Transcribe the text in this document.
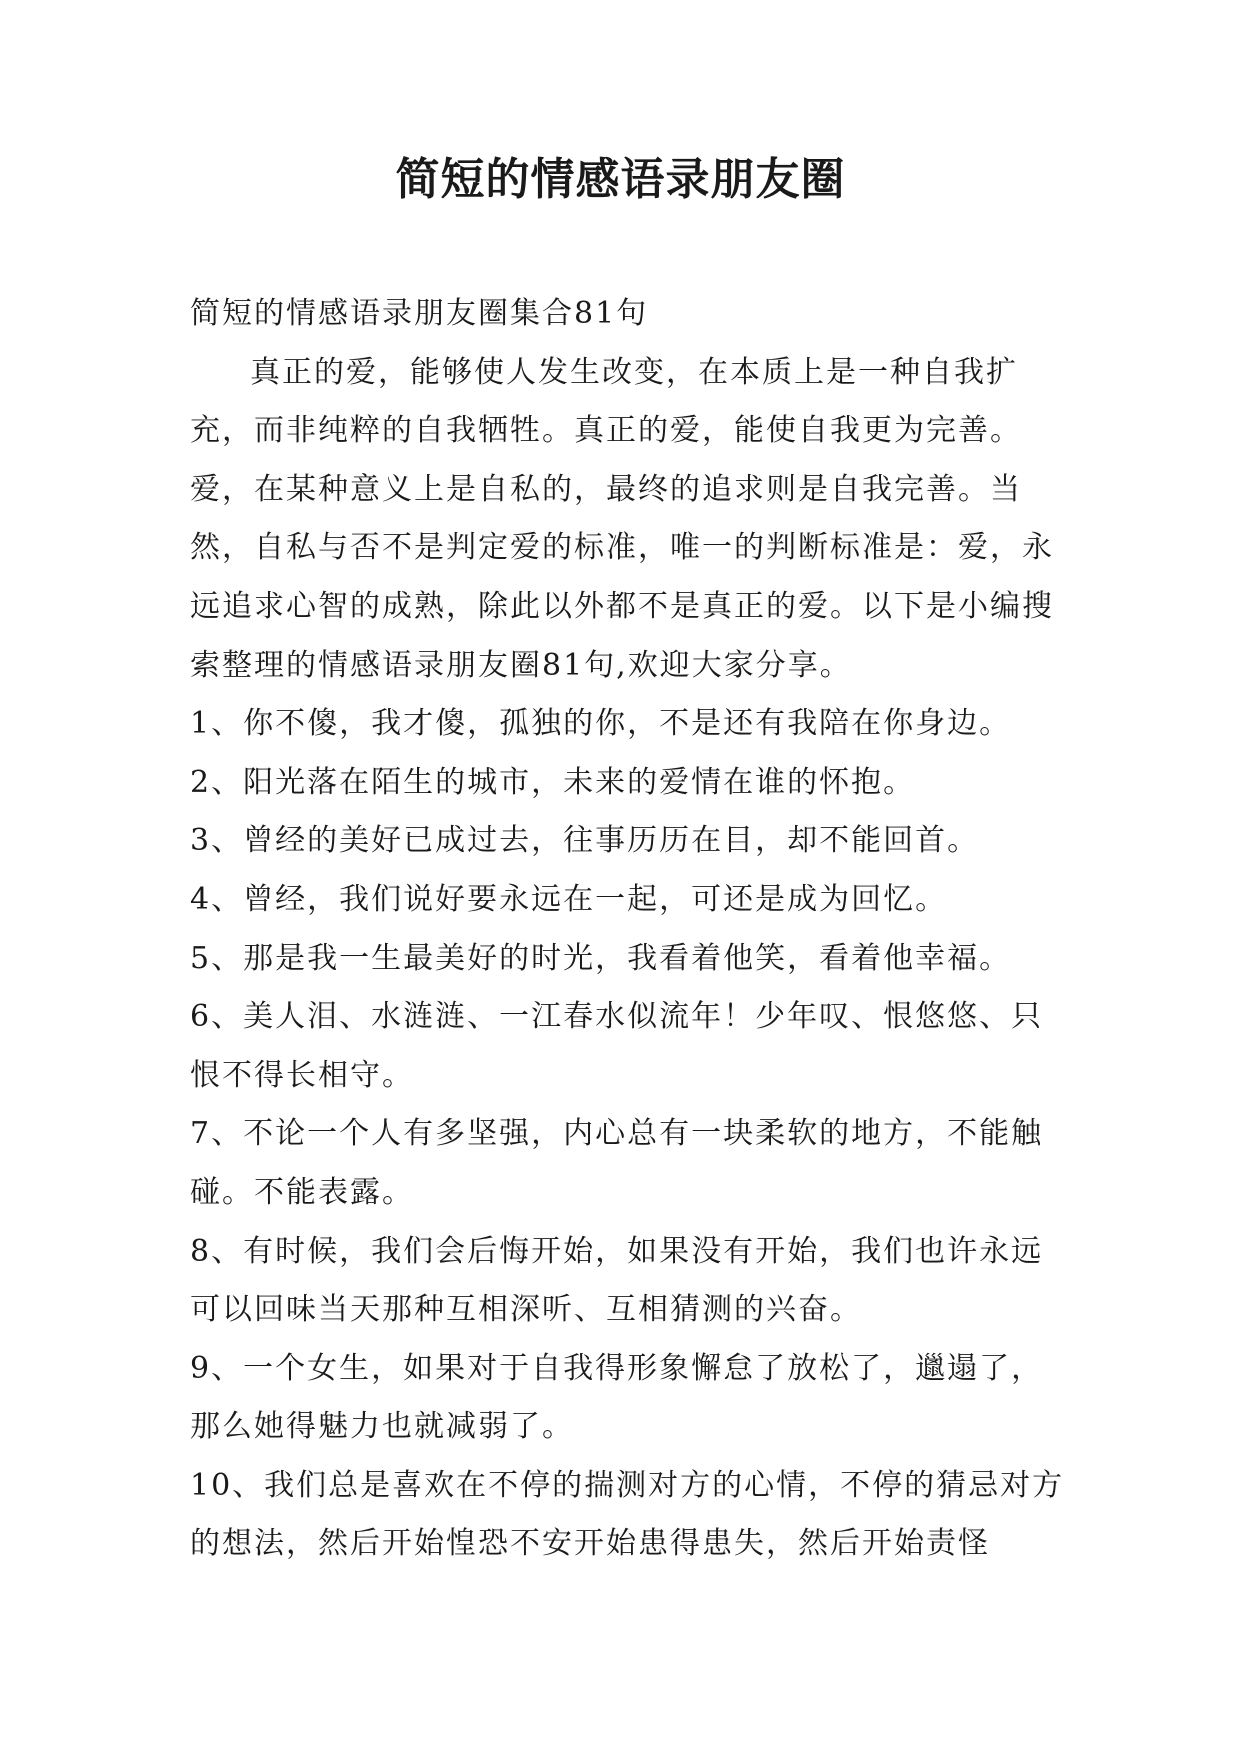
简短的情感语录朋友圈

简短的情感语录朋友圈集合81句

真正的爱，能够使人发生改变，在本质上是一种自我扩充，而非纯粹的自我牺牲。真正的爱，能使自我更为完善。爱，在某种意义上是自私的，最终的追求则是自我完善。当然，自私与否不是判定爱的标准，唯一的判断标准是：爱，永远追求心智的成熟，除此以外都不是真正的爱。以下是小编搜索整理的情感语录朋友圈81句,欢迎大家分享。

1、你不傻，我才傻，孤独的你，不是还有我陪在你身边。

2、阳光落在陌生的城市，未来的爱情在谁的怀抱。

3、曾经的美好已成过去，往事历历在目，却不能回首。

4、曾经，我们说好要永远在一起，可还是成为回忆。

5、那是我一生最美好的时光，我看着他笑，看着他幸福。

6、美人泪、水涟涟、一江春水似流年！少年叹、恨悠悠、只恨不得长相守。

7、不论一个人有多坚强，内心总有一块柔软的地方，不能触碰。不能表露。

8、有时候，我们会后悔开始，如果没有开始，我们也许永远可以回味当天那种互相深听、互相猜测的兴奋。

9、一个女生，如果对于自我得形象懈怠了放松了，邋遢了，那么她得魅力也就减弱了。

10、我们总是喜欢在不停的揣测对方的心情，不停的猜忌对方的想法，然后开始惶恐不安开始患得患失，然后开始责怪
